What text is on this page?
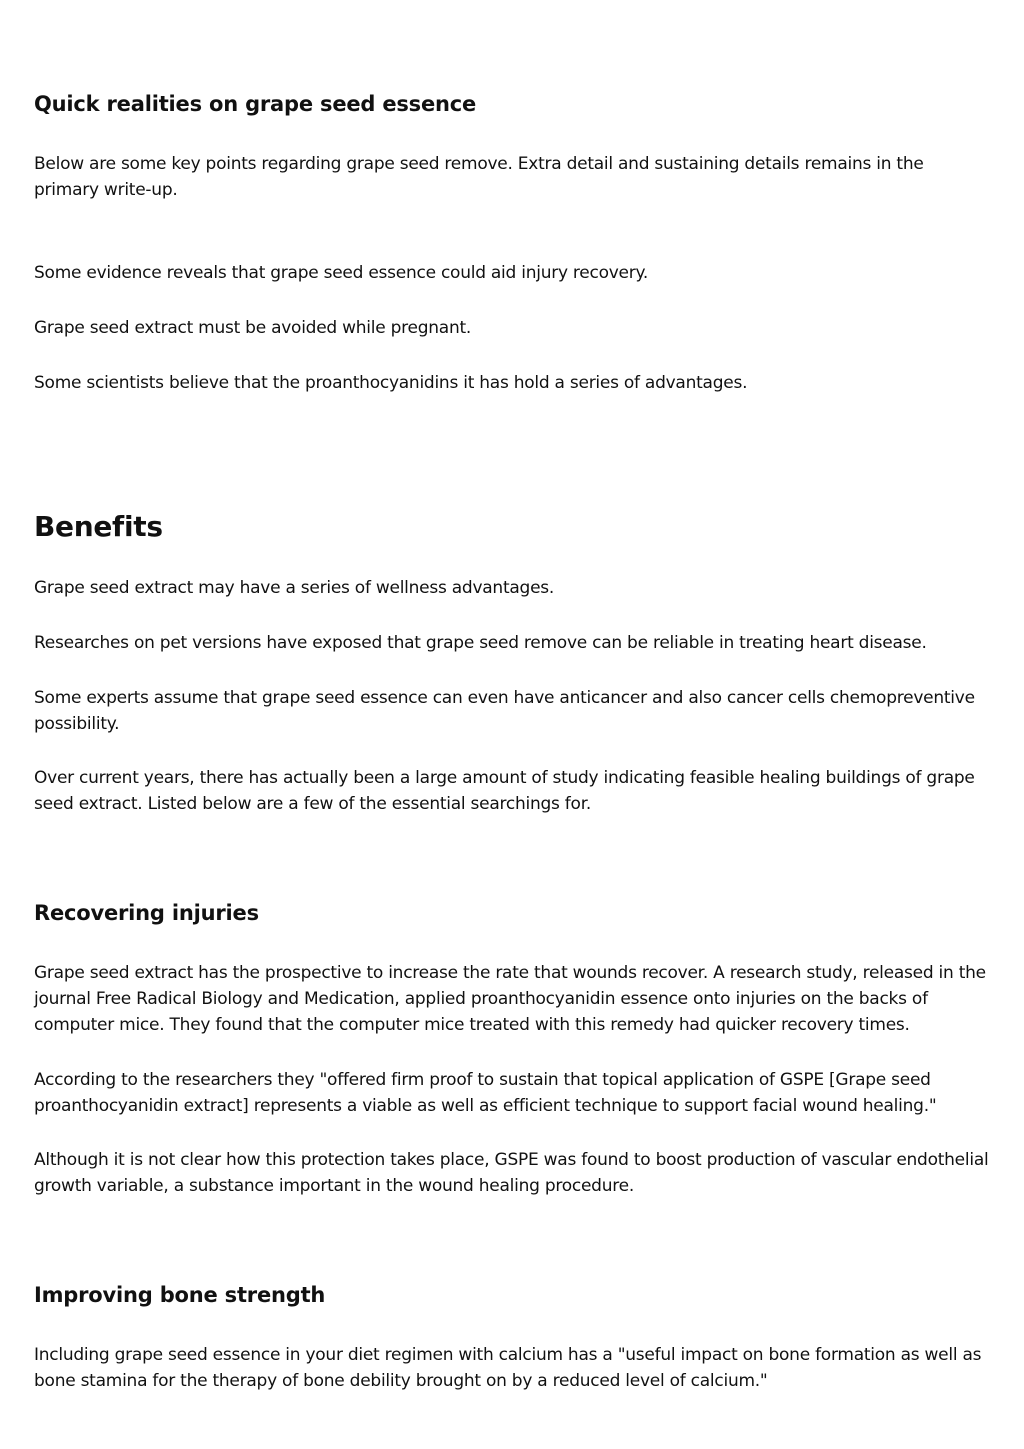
Quick realities on grape seed essence

Below are some key points regarding grape seed remove. Extra detail and sustaining details remains in the primary write-up.

Some evidence reveals that grape seed essence could aid injury recovery.

Grape seed extract must be avoided while pregnant.

Some scientists believe that the proanthocyanidins it has hold a series of advantages.

Benefits

Grape seed extract may have a series of wellness advantages.

Researches on pet versions have exposed that grape seed remove can be reliable in treating heart disease.

Some experts assume that grape seed essence can even have anticancer and also cancer cells chemopreventive possibility.

Over current years, there has actually been a large amount of study indicating feasible healing buildings of grape seed extract. Listed below are a few of the essential searchings for.

Recovering injuries

Grape seed extract has the prospective to increase the rate that wounds recover. A research study, released in the journal Free Radical Biology and Medication, applied proanthocyanidin essence onto injuries on the backs of computer mice. They found that the computer mice treated with this remedy had quicker recovery times.

According to the researchers they "offered firm proof to sustain that topical application of GSPE [Grape seed proanthocyanidin extract] represents a viable as well as efficient technique to support facial wound healing."

Although it is not clear how this protection takes place, GSPE was found to boost production of vascular endothelial growth variable, a substance important in the wound healing procedure.

Improving bone strength

Including grape seed essence in your diet regimen with calcium has a "useful impact on bone formation as well as bone stamina for the therapy of bone debility brought on by a reduced level of calcium."
